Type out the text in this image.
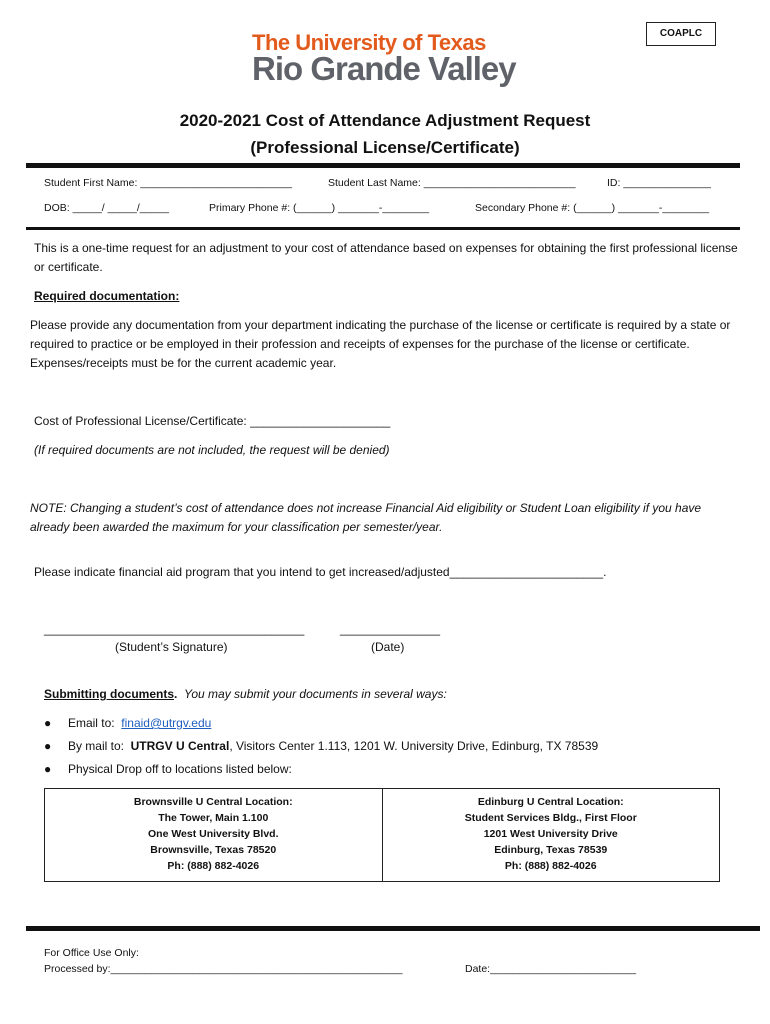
COAPLC
The University of Texas
Rio Grande Valley
2020-2021 Cost of Attendance Adjustment Request
(Professional License/Certificate)
Student First Name: __________________________	Student Last Name: __________________________	ID: _______________
DOB: _____/ _____/_____	Primary Phone #: (______) _______-________	Secondary Phone #: (______) _______-________
This is a one-time request for an adjustment to your cost of attendance based on expenses for obtaining the first professional license or certificate.
Required documentation:
Please provide any documentation from your department indicating the purchase of the license or certificate is required by a state or required to practice or be employed in their profession and receipts of expenses for the purchase of the license or certificate. Expenses/receipts must be for the current academic year.
Cost of Professional License/Certificate: _____________________
(If required documents are not included, the request will be denied)
NOTE: Changing a student’s cost of attendance does not increase Financial Aid eligibility or Student Loan eligibility if you have already been awarded the maximum for your classification per semester/year.
Please indicate financial aid program that you intend to get increased/adjusted_______________________.
_______________________________________	_______________
(Student’s Signature)	(Date)
Submitting documents. You may submit your documents in several ways:
● Email to: finaid@utrgv.edu
● By mail to: UTRGV U Central, Visitors Center 1.113, 1201 W. University Drive, Edinburg, TX 78539
● Physical Drop off to locations listed below:
Brownsville U Central Location:
The Tower, Main 1.100
One West University Blvd.
Brownsville, Texas 78520
Ph: (888) 882-4026
Edinburg U Central Location:
Student Services Bldg., First Floor
1201 West University Drive
Edinburg, Texas 78539
Ph: (888) 882-4026
For Office Use Only:
Processed by:__________________________________________________	Date:_________________________
